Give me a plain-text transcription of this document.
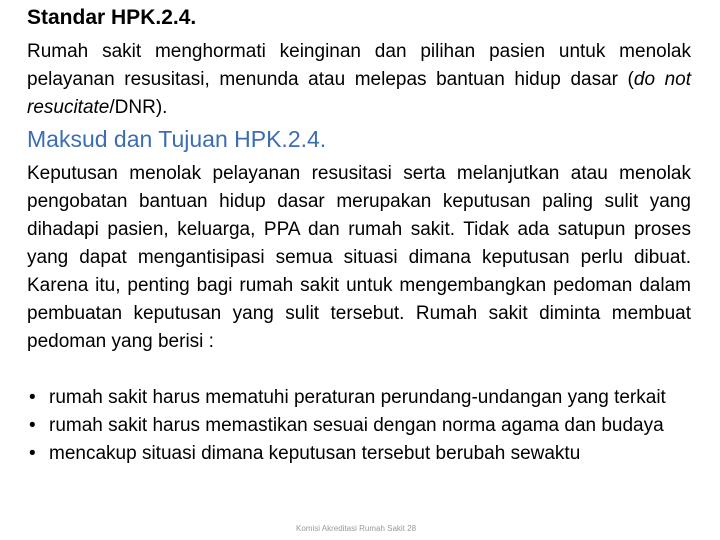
Standar HPK.2.4.

Rumah sakit menghormati keinginan dan pilihan pasien untuk menolak pelayanan resusitasi, menunda atau melepas bantuan hidup dasar (do not resucitate/DNR).

Maksud dan Tujuan HPK.2.4.

Keputusan menolak pelayanan resusitasi serta melanjutkan atau menolak pengobatan bantuan hidup dasar merupakan keputusan paling sulit yang dihadapi pasien, keluarga, PPA dan rumah sakit. Tidak ada satupun proses yang dapat mengantisipasi semua situasi dimana keputusan perlu dibuat. Karena itu, penting bagi rumah sakit untuk mengembangkan pedoman dalam pembuatan keputusan yang sulit tersebut. Rumah sakit diminta membuat pedoman yang berisi :

• rumah sakit harus mematuhi peraturan perundang-undangan yang terkait
• rumah sakit harus memastikan sesuai dengan norma agama dan budaya
• mencakup situasi dimana keputusan tersebut berubah sewaktu
Komisi Akreditasi Rumah Sakit 28
